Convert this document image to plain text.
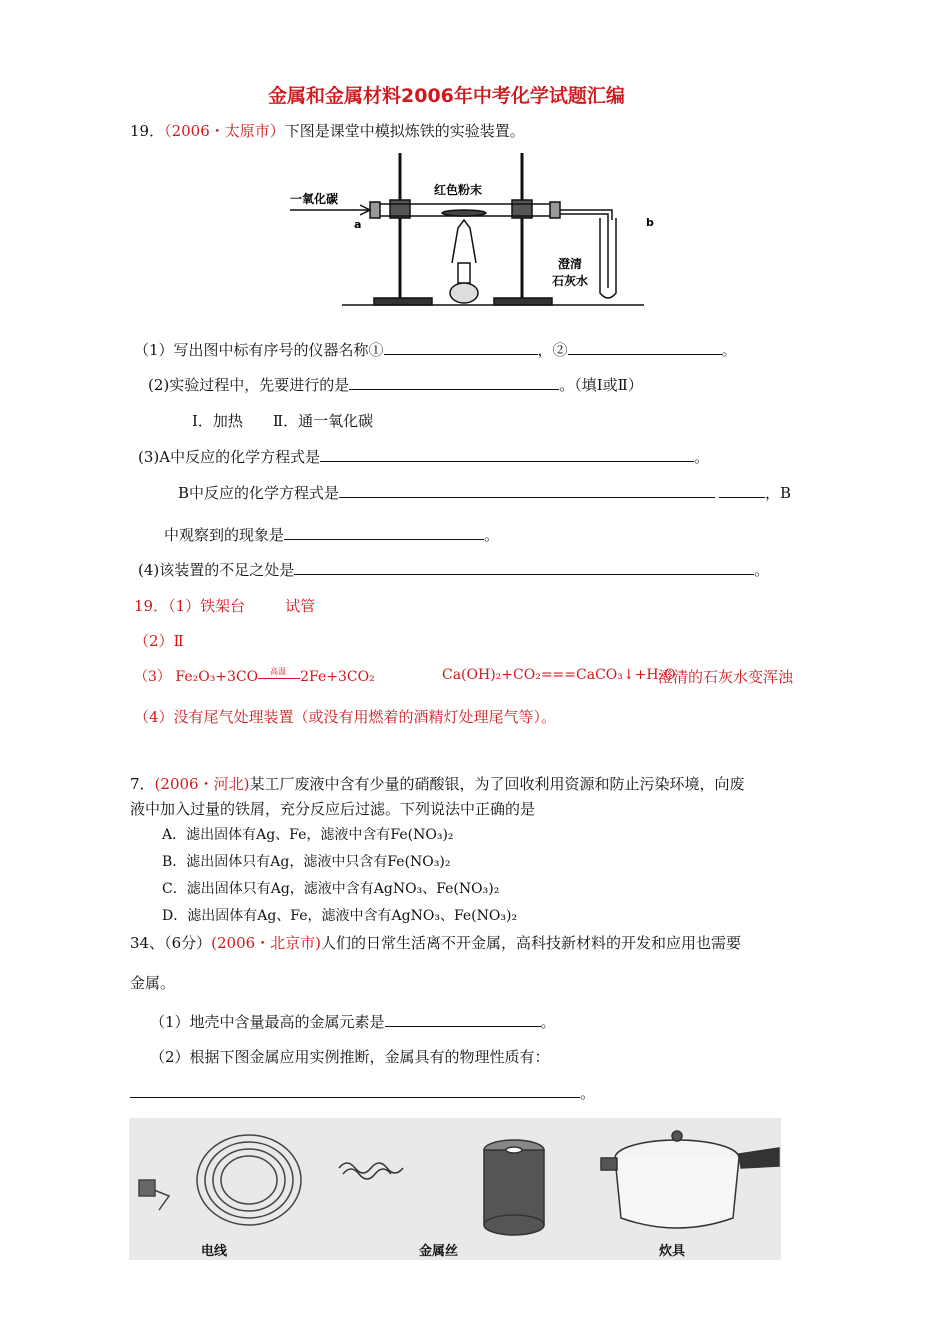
金属和金属材料2006年中考化学试题汇编
19．（2006・太原市）下图是课堂中模拟炼铁的实验装置。
一氧化碳
红色粉末
a	b
澄清
石灰水
（1）写出图中标有序号的仪器名称①	，②	。
(2)实验过程中，先要进行的是	。（填Ⅰ或Ⅱ）
Ⅰ．加热　　Ⅱ．通一氧化碳
(3)A中反应的化学方程式是	。
B中反应的化学方程式是	，B
中观察到的现象是	。
(4)该装置的不足之处是	。
19．（1）铁架台	试管
（2）Ⅱ
（3） Fe₂O₃+3CO 高温 2Fe+3CO₂	Ca(OH)₂+CO₂===CaCO₃↓+H₂O
澄清的石灰水变浑浊
（4）没有尾气处理装置（或没有用燃着的酒精灯处理尾气等）。
7．(2006・河北)某工厂废液中含有少量的硝酸银，为了回收利用资源和防止污染环境，向废
液中加入过量的铁屑，充分反应后过滤。下列说法中正确的是
A．滤出固体有Ag、Fe，滤液中含有Fe(NO₃)₂
B．滤出固体只有Ag，滤液中只含有Fe(NO₃)₂
C．滤出固体只有Ag，滤液中含有AgNO₃、Fe(NO₃)₂
D．滤出固体有Ag、Fe，滤液中含有AgNO₃、Fe(NO₃)₂
34、（6分）(2006・北京市)人们的日常生活离不开金属，高科技新材料的开发和应用也需要
金属。
（1）地壳中含量最高的金属元素是	。
（2）根据下图金属应用实例推断，金属具有的物理性质有：
。
电线	金属丝	炊具
